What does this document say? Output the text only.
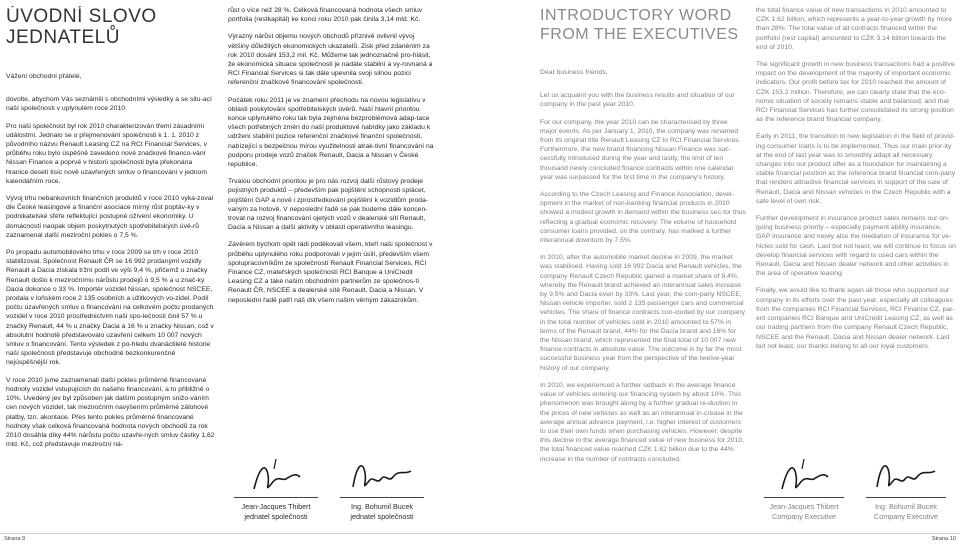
ÚVODNÍ SLOVO
JEDNATELŮ

Vážení obchodní přátelé,

dovolte, abychom Vás seznámili s obchodními výsledky a se situ-ací naší společnosti v uplynulém roce 2010.

Pro naši společnost byl rok 2010 charakterizován třemi zásadními událostmi. Jednalo se o přejmenování společnosti k 1. 1. 2010 z původního názvu Renault Leasing CZ na RCI Financial Services, v průběhu roku bylo úspěšně zavedeno nové značkové financo-vání Nissan Finance a poprvé v historii společnosti byla překonána hranice deseti tisíc nově uzavřených smluv o financování v jednom kalendářním roce.

Vývoj trhu nebankovních finančních produktů v roce 2010 vyka-zoval dle České leasingové a finanční asociace mírný růst poptáv-ky v podnikatelské sféře reflektující postupné ožívení ekonomiky. U domácností naopak objem poskytnutých spotřebitelských úvě-rů zaznamenal další meziroční pokles o 7,5 %.

Po propadu automobilového trhu v roce 2009 se trh v roce 2010 stabilizoval. Společnost Renault ČR se 16 992 prodanými vozidly Renault a Dacia získala tržní podíl ve výši 9,4 %, přičemž u značky Renault došlo k meziročnímu nárůstu prodejů o 9,5 % a u znač-ky Dacia dokonce o 33 %. Importér vozidel Nissan, společnost NSCEE, prodala v loňském roce 2 135 osobních a užitkových vo-zidel. Podíl počtu uzavřených smluv o financování na celkovém počtu prodaných vozidel v roce 2010 prostřednictvím naší spo-lečnosti činil 57 % u značky Renault, 44 % u značky Dacia a 16 % u značky Nissan, což v absolutní hodnotě představovalo uzavření celkem 10 007 nových smluv o financování. Tento výsledek z po-hledu dvanáctileté historie naší společnosti představuje obchodně bezkonkurenčně nejúspěšnější rok.

V roce 2010 jsme zaznamenali další pokles průměrné financované hodnoty vozidel vstupujících do našeho financování, a to přibližně o 10%. Uvedený jev byl způsoben jak dalším postupným snižo-váním cen nových vozidel, tak meziročním navýšením průměrné zálohové platby, tzn. akontace. Přes tento pokles průměrné financované hodnoty však celková financovaná hodnota nových obchodů za rok 2010 dosáhla díky 44% nárůstu počtu uzavře-ných smluv částky 1,62 mld. Kč, což představuje meziroční ná-

růst o více než 28 %. Celková financovaná hodnota všech smluv portfolia (restkapitál) ke konci roku 2010 pak činila 3,14 mld. Kč.

Výrazný nárůst objemu nových obchodů příznivě ovlivnil vývoj většiny důležitých ekonomických ukazatelů. Zisk před zdaněním za rok 2010 dosáhl 153,2 mil. Kč. Můžeme tak jednoznačně pro-hlásit, že ekonomická situace společnosti je nadále stabilní a vy-rovnaná a RCI Financial Services si tak dále upevnila svoji silnou pozici referenční značkové financování společnosti.

Počátek roku 2011 je ve znamení přechodu na novou legislativu v oblasti poskytování spotřebitelských úvěrů. Naší hlavní prioritou konce uplynulého roku tak byla zejména bezproblémová adap-tace všech potřebných změn do naší produktové nabídky jako základu k udržení stabilní pozice referenční značkové finanční společnosti, nabízející s bezpečnou mírou využitelnosti atrak-tivní financování na podporu prodeje vozů značek Renault, Dacia a Nissan v České republice.

Trvalou obchodní prioritou je pro nás rozvoj další růstový prodeje pojistných produktů – především pak pojištění schopnosti splácet, pojištění GAP a nově i zprostředkování pojištění k vozidlům proda-vaným za hotově. V neposlední řadě se pak budeme dále koncen-trovat na rozvoj financování ojetých vozů v dealerské síti Renault, Dacia a Nissan a další aktivity v oblasti operativního leasingu.

Závěrem bychom opět rádi poděkovali všem, kteří naši společnost v průběhu uplynulého roku podporovali v jejím úsilí, především všem spolupracovníkům ze společností Renault Financial Services, RCI Finance CZ, mateřských společností RCI Banque a UniCredit Leasing CZ a také našim obchodním partnerům ze společnos-tí Renault ČR, NSCEE a dealerské sítě Renault, Dacia a Nissan. V neposlední řadě patří náš dík všem našim věrným zákazníkům.

Jean-Jacques Thibert
jednatel společnosti
Ing. Bohumil Bucek
jednatel společnosti
INTRODUCTORY WORD
FROM THE EXECUTIVES

Dear business friends,

Let us acquaint you with the business results and situation of our company in the past year 2010.

For our company, the year 2010 can be characterised by three major events. As per January 1, 2010, the company was renamed from its original title Renault Leasing CZ to RCI Financial Services. Furthermore, the new brand financing Nissan Finance was suc-cessfully introduced during the year and lastly, the limit of ten thousand newly concluded finance contracts within one calendar year was surpassed for the first time in the company's history.

According to the Czech Leasing and Finance Association, devel-opment in the market of non-banking financial products in 2010 showed a modest growth in demand within the business sec-tor thus reflecting a gradual economic recovery. The volume of household consumer loans provided, on the contrary, has marked a further interannual downturn by 7.5%.

In 2010, after the automobile market decline in 2009, the market was stabilised. Having sold 16 992 Dacia and Renault vehicles, the company Renault Czech Republic gained a market share of 9.4%, whereby the Renault brand achieved an interannual sales increase by 9.5% and Dacia even by 33%. Last year, the com-pany NSCEE, Nissan vehicle importer, sold 2 135 passenger cars and commercial vehicles. The share of finance contracts con-cluded by our company in the total number of vehicles sold in 2010 amounted to 57% in terms of the Renault brand, 44% for the Dacia brand and 16% for the Nissan brand, which represented the final total of 10 007 new finance contracts in absolute value. The outcome is by far the most successful business year from the perspective of the twelve-year history of our company.

In 2010, we experienced a further setback in the average finance value of vehicles entering our financing system by about 10%. This phenomenon was brought along by a further gradual re-duction in the prices of new vehicles as well as an interannual in-crease in the average annual advance payment, i.e. higher interest of customers to use their own funds when purchasing vehicles. However, despite this decline in the average financed value of new business for 2010, the total financed value reached CZK 1.62 billion due to the 44% increase in the number of contracts concluded,

the total finance value of new transactions in 2010 amounted to CZK 1.62 billion, which represents a year-to-year growth by more than 28%. The total value of all contracts financed within the portfolio (rest capital) amounted to CZK 3.14 billion towards the end of 2010.

The significant growth in new business transactions had a positive impact on the development of the majority of important economic indicators. Our profit before tax for 2010 reached the amount of CZK 153.2 million. Therefore, we can clearly state that the eco-nomic situation of society remains stable and balanced, and that RCI Financial Services has further consolidated its strong position as the reference brand financial company.

Early in 2011, the transition to new legislation in the field of provid-ing consumer loans is to be implemented. Thus our main prior-ity at the end of last year was to smoothly adapt all necessary changes into our product offer as a foundation for maintaining a stable financial position as the reference brand financial com-pany that renders attractive financial services in support of the sale of Renault, Dacia and Nissan vehicles in the Czech Republic with a safe level of own risk.

Further development in insurance product sales remains our on-going business priority – especially payment ability insurance, GAP insurance and newly also the mediation of insurance for ve-hicles sold for cash. Last but not least, we will continue to focus on develop financial services with regard to used cars within the Renault, Dacia and Nissan dealer network and other activities in the area of operative leasing.

Finally, we would like to thank again all those who supported our company in its efforts over the past year, especially all colleagues from the companies RCI Financial Services, RCI Finance CZ, par-ent companies RCI Banque and UniCredit Leasing CZ, as well as our trading partners from the company Renault Czech Republic, NSCEE and the Renault, Dacia and Nissan dealer network. Last but not least, our thanks belong to all our loyal customers.

Jean-Jacques Thibert
Company Executive
Ing. Bohumil Bucek
Company Executive
Strana 9	Strana 10
